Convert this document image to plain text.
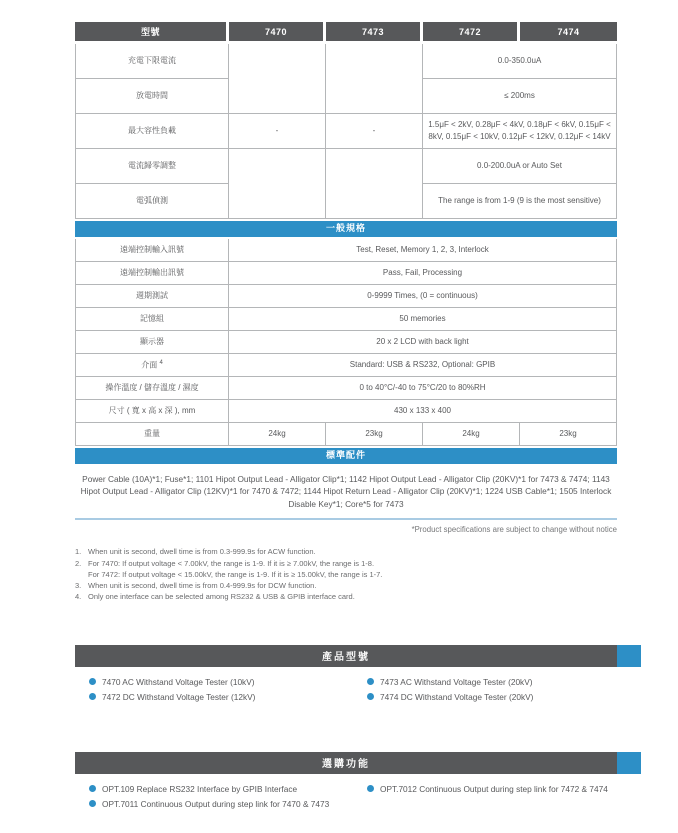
型號	7470	7473	7472	7474
充電下限電流			0.0-350.0uA	
放電時間			≤ 200ms	
最大容性負載	-	-	1.5μF < 2kV, 0.28μF < 4kV, 0.18μF < 6kV, 0.15μF < 8kV, 0.15μF < 10kV, 0.12μF < 12kV, 0.12μF < 14kV	
電流歸零調整			0.0-200.0uA or Auto Set	
電弧偵測			The range is from 1-9 (9 is the most sensitive)	
一般規格				
遠端控制輸入訊號	Test, Reset, Memory 1, 2, 3, Interlock			
遠端控制輸出訊號	Pass, Fail, Processing			
週期測試	0-9999 Times, (0 = continuous)			
記憶組	50 memories			
顯示器	20 x 2 LCD with back light			
介面 $^4$	Standard: USB & RS232, Optional: GPIB			
操作溫度 / 儲存溫度 / 濕度	0 to 40°C/-40 to 75°C/20 to 80%RH			
尺寸 ( 寬 x 高 x 深 ), mm	430 x 133 x 400			
重量	24kg	23kg	24kg	23kg
標準配件				
Power Cable (10A)*1; Fuse*1; 1101 Hipot Output Lead - Alligator Clip*1; 1142 Hipot Output Lead - Alligator Clip (20KV)*1 for 7473 & 7474; 1143 Hipot Output Lead - Alligator Clip (12KV)*1 for 7470 & 7472; 1144 Hipot Return Lead - Alligator Clip (20KV)*1; 1224 USB Cable*1; 1505 Interlock Disable Key*1; Core*5 for 7473
*Product specifications are subject to change without notice
1. When unit is second, dwell time is from 0.3-999.9s for ACW function.
2. For 7470: If output voltage < 7.00kV, the range is 1-9. If it is ≥ 7.00kV, the range is 1-8.
For 7472: If output voltage < 15.00kV, the range is 1-9. If it is ≥ 15.00kV, the range is 1-7.
3. When unit is second, dwell time is from 0.4-999.9s for DCW function.
4. Only one interface can be selected among RS232 & USB & GPIB interface card.
產品型號
7470 AC Withstand Voltage Tester (10kV)
7472 DC Withstand Voltage Tester (12kV)
7473 AC Withstand Voltage Tester (20kV)
7474 DC Withstand Voltage Tester (20kV)
選購功能
OPT.109 Replace RS232 Interface by GPIB Interface
OPT.7011 Continuous Output during step link for 7470 & 7473
OPT.7012 Continuous Output during step link for 7472 & 7474
